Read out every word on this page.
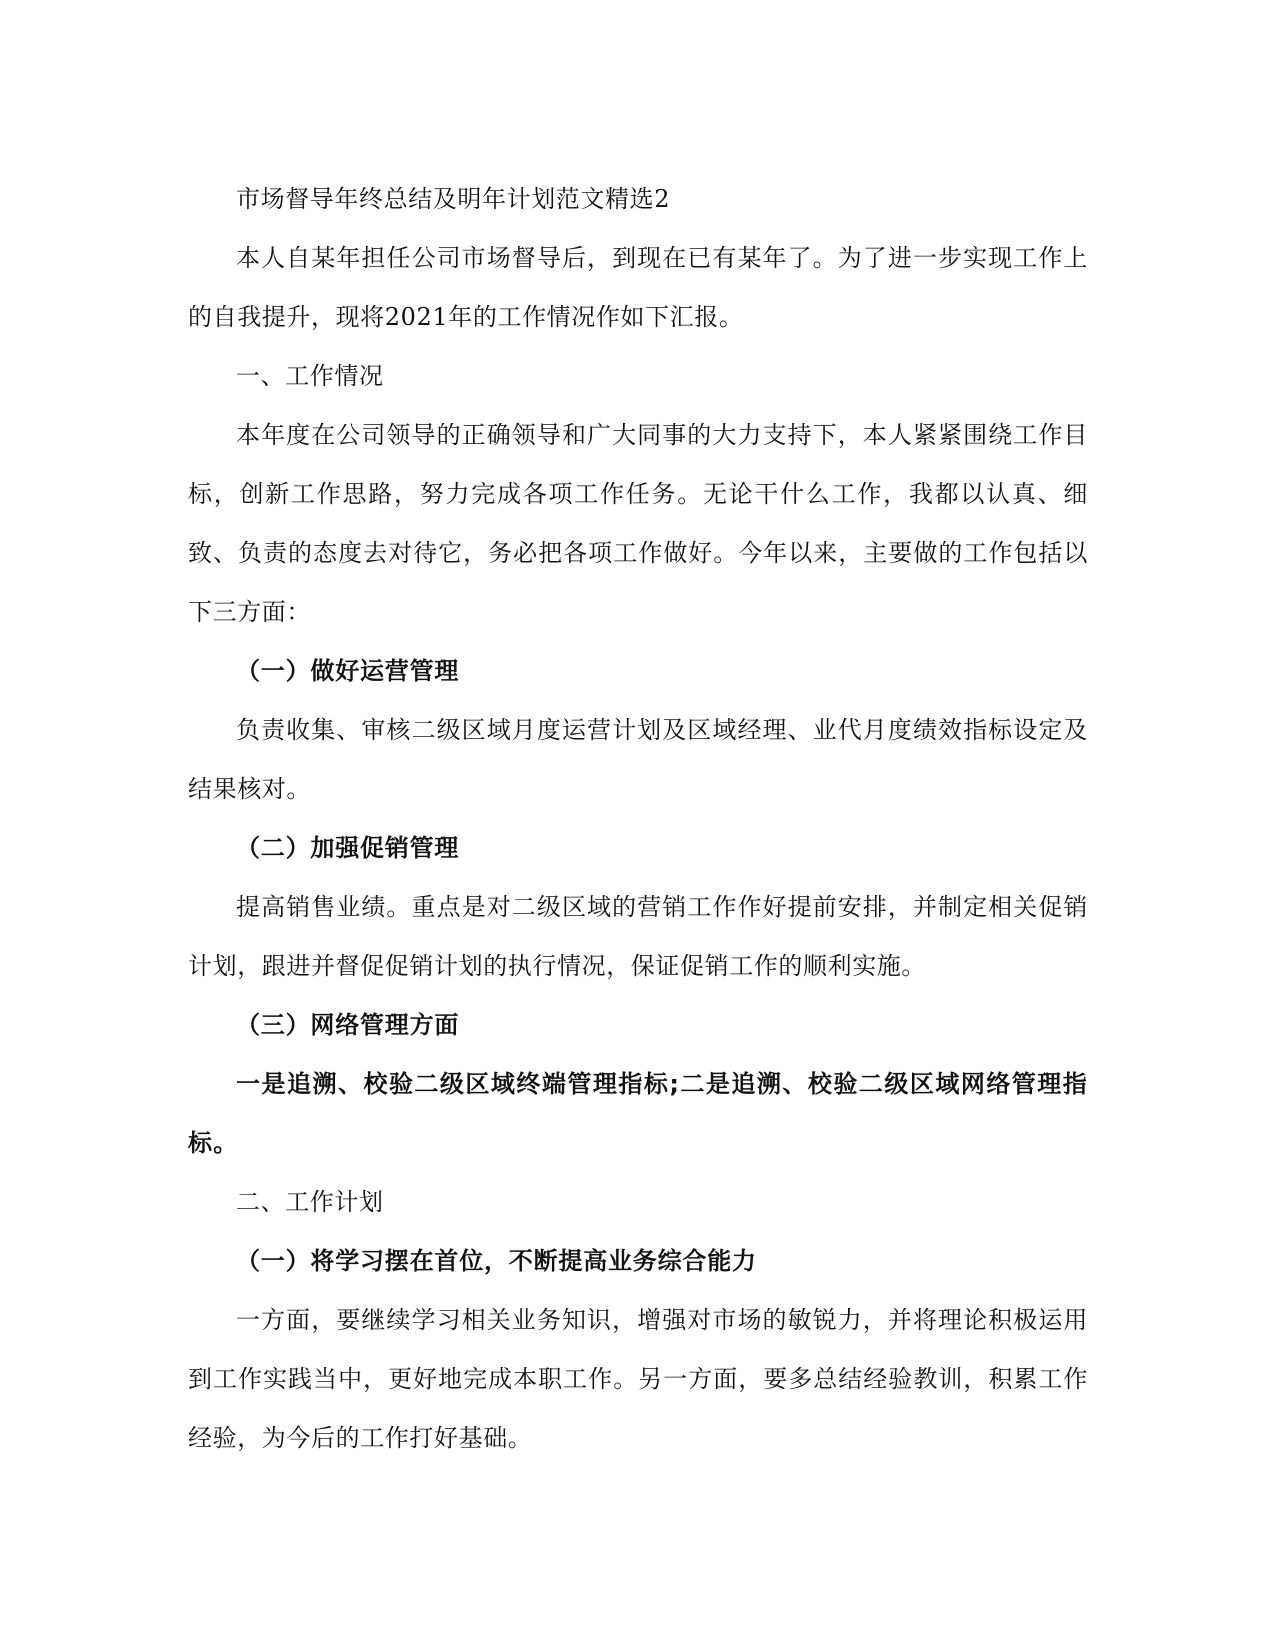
市场督导年终总结及明年计划范文精选2

本人自某年担任公司市场督导后，到现在已有某年了。为了进一步实现工作上的自我提升，现将2021年的工作情况作如下汇报。

一、工作情况

本年度在公司领导的正确领导和广大同事的大力支持下，本人紧紧围绕工作目标，创新工作思路，努力完成各项工作任务。无论干什么工作，我都以认真、细致、负责的态度去对待它，务必把各项工作做好。今年以来，主要做的工作包括以下三方面：

（一）做好运营管理

负责收集、审核二级区域月度运营计划及区域经理、业代月度绩效指标设定及结果核对。

（二）加强促销管理

提高销售业绩。重点是对二级区域的营销工作作好提前安排，并制定相关促销计划，跟进并督促促销计划的执行情况，保证促销工作的顺利实施。

（三）网络管理方面

一是追溯、校验二级区域终端管理指标;二是追溯、校验二级区域网络管理指标。

二、工作计划

（一）将学习摆在首位，不断提高业务综合能力

一方面，要继续学习相关业务知识，增强对市场的敏锐力，并将理论积极运用到工作实践当中，更好地完成本职工作。另一方面，要多总结经验教训，积累工作经验，为今后的工作打好基础。
